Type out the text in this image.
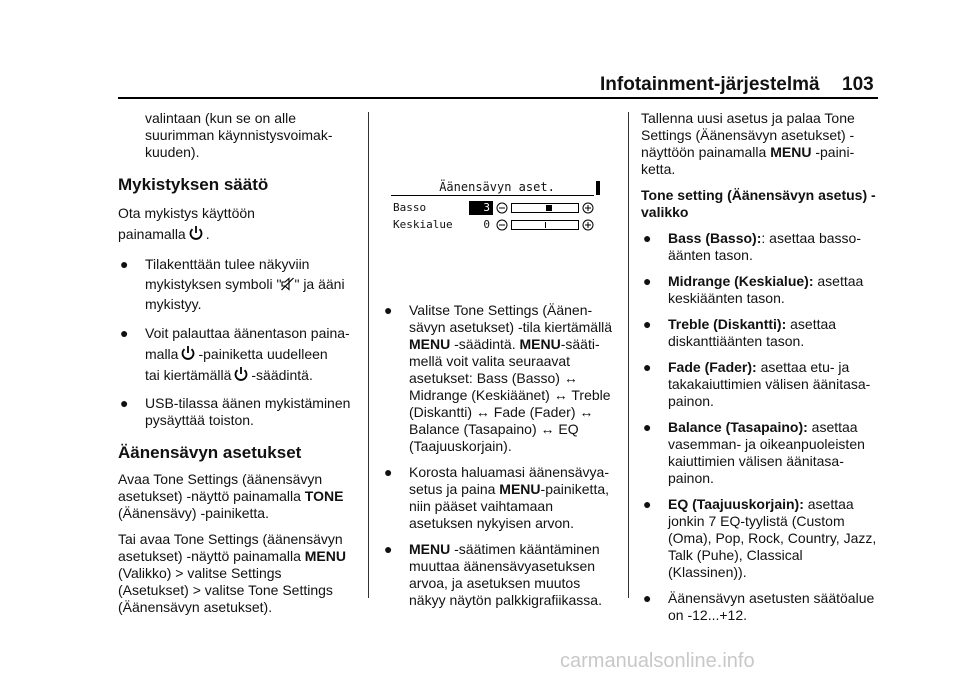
Infotainment-järjestelmä 103

valintaan (kun se on alle suurimman käynnistysvoimakkuuden).

Mykistyksen säätö

Ota mykistys käyttöön
painamalla .

● Tilakenttään tulee näkyviin
mykistyksen symboli " " ja ääni mykistyy.
● Voit palauttaa äänentason paina-
malla -painiketta uudelleen
tai kiertämällä -säädintä.
● USB-tilassa äänen mykistäminen pysäyttää toiston.
Äänensävyn asetukset

Avaa Tone Settings (äänensävyn asetukset) -näyttö painamalla TONE (Äänensävy) -painiketta.

Tai avaa Tone Settings (äänensävyn asetukset) -näyttö painamalla MENU (Valikko) > valitse Settings (Asetukset) > valitse Tone Settings (Äänensävyn asetukset).

Äänensävyn aset.
Basso	3
Keskialue	0
● Valitse Tone Settings (Äänensävyn asetukset) -tila kiertämällä MENU -säädintä. MENU-säätimellä voit valita seuraavat asetukset: Bass (Basso) ↔ Midrange (Keskiäänet) ↔ Treble (Diskantti) ↔ Fade (Fader) ↔ Balance (Tasapaino) ↔ EQ (Taajuuskorjain).
● Korosta haluamasi äänensävyasetus ja paina MENU-painiketta, niin pääset vaihtamaan asetuksen nykyisen arvon.
● MENU -säätimen kääntäminen muuttaa äänensävyasetuksen arvoa, ja asetuksen muutos näkyy näytön palkkigrafiikassa.

Tallenna uusi asetus ja palaa Tone Settings (Äänensävyn asetukset) -näyttöön painamalla MENU -painiketta.

Tone setting (Äänensävyn asetus) -valikko

● Bass (Basso):: asettaa bassoäänten tason.
● Midrange (Keskialue): asettaa keskiäänten tason.
● Treble (Diskantti): asettaa diskanttiäänten tason.
● Fade (Fader): asettaa etu- ja takakaiuttimien välisen äänitasapainon.
● Balance (Tasapaino): asettaa vasemman- ja oikeanpuoleisten kaiuttimien välisen äänitasapainon.
● EQ (Taajuuskorjain): asettaa jonkin 7 EQ-tyylistä (Custom (Oma), Pop, Rock, Country, Jazz, Talk (Puhe), Classical (Klassinen)).
● Äänensävyn asetusten säätöalue on -12...+12.
carmanualsonline.info
